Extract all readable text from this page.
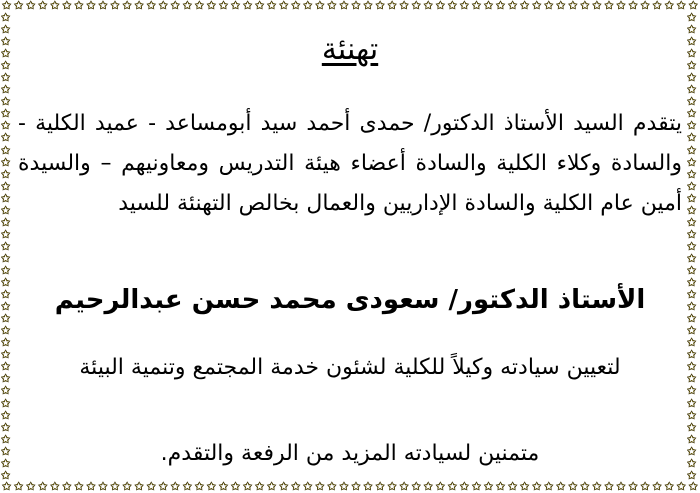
✩ ✩ ✩ ✩ ✩ ✩ ✩ ✩ ✩ ✩ ✩ ✩ ✩ ✩ ✩ ✩ ✩ ✩ ✩ ✩ ✩ ✩ ✩ ✩ ✩ ✩ ✩ ✩ ✩ ✩ ✩ ✩ ✩ ✩ ✩ ✩ ✩ ✩ ✩ ✩ ✩ ✩ ✩ ✩ ✩ ✩ ✩ ✩ ✩ ✩ ✩ ✩ ✩ ✩ ✩ ✩ ✩ ✩
✩ ✩ ✩ ✩ ✩ ✩ ✩ ✩ ✩ ✩ ✩ ✩ ✩ ✩ ✩ ✩ ✩ ✩ ✩ ✩ ✩ ✩ ✩ ✩ ✩ ✩ ✩ ✩ ✩ ✩ ✩ ✩ ✩ ✩ ✩ ✩ ✩ ✩ ✩ ✩ ✩ ✩ ✩ ✩ ✩ ✩ ✩ ✩ ✩ ✩ ✩ ✩ ✩ ✩ ✩ ✩ ✩ ✩
✩
✩
✩
✩
✩
✩
✩
✩
✩
✩
✩
✩
✩
✩
✩
✩
✩
✩
✩
✩
✩
✩
✩
✩
✩
✩
✩
✩
✩
✩
✩
✩
✩
✩
✩
✩
✩
✩
✩
✩
✩
✩
✩
✩
✩
✩
✩
✩
✩
✩
✩
✩
✩
✩
✩
✩
✩
✩
✩
✩
✩
✩
✩
✩
✩
✩
✩
✩
✩
✩
✩
✩
✩
✩
✩
✩
✩
✩
تهنئة
يتقدم السيد الأستاذ الدكتور/ حمدى أحمد سيد أبومساعد - عميد الكلية - والسادة وكلاء الكلية والسادة أعضاء هيئة التدريس ومعاونيهم – والسيدة أمين عام الكلية والسادة الإداريين والعمال بخالص التهنئة للسيد
الأستاذ الدكتور/ سعودى محمد حسن عبدالرحيم
لتعيين سيادته وكيلاً للكلية لشئون خدمة المجتمع وتنمية البيئة
متمنين لسيادته المزيد من الرفعة والتقدم.
